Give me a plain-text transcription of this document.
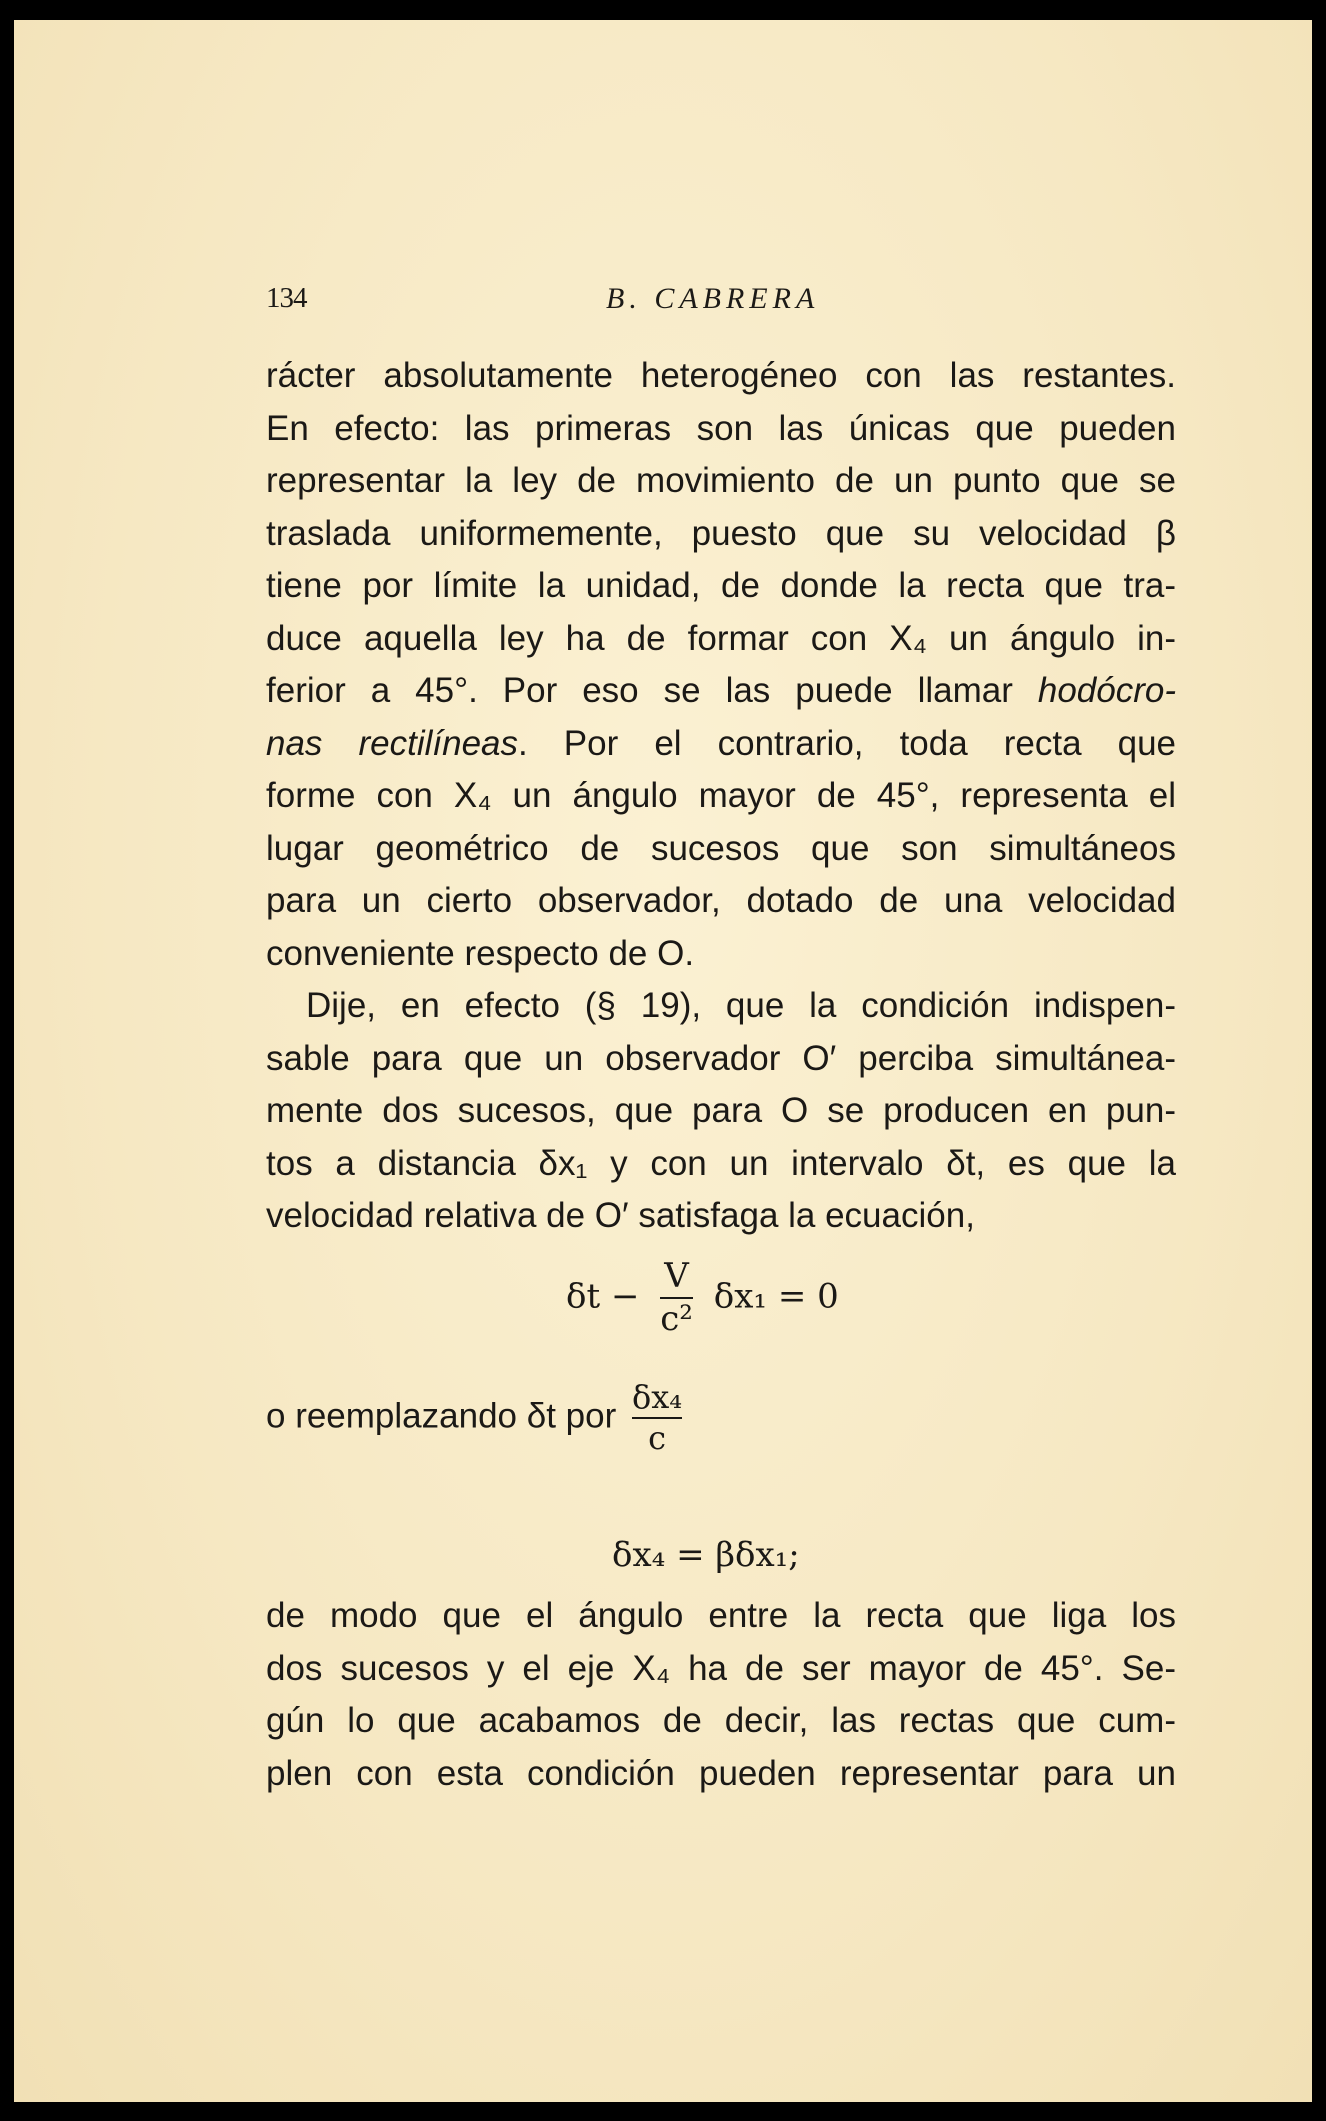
134	B. CABRERA

rácter absolutamente heterogéneo con las restantes.
En efecto: las primeras son las únicas que pueden
representar la ley de movimiento de un punto que se
traslada uniformemente, puesto que su velocidad β
tiene por límite la unidad, de donde la recta que tra-
duce aquella ley ha de formar con X₄ un ángulo in-
ferior a 45°. Por eso se las puede llamar hodócro-
nas rectilíneas. Por el contrario, toda recta que
forme con X₄ un ángulo mayor de 45°, representa el
lugar geométrico de sucesos que son simultáneos
para un cierto observador, dotado de una velocidad
conveniente respecto de O.

Dije, en efecto (§ 19), que la condición indispen-
sable para que un observador O′ perciba simultánea-
mente dos sucesos, que para O se producen en pun-
tos a distancia δx₁ y con un intervalo δt, es que la
velocidad relativa de O′ satisfaga la ecuación,

$\delta t - \frac{V}{\text{c²}} \delta x_1 = 0$
o reemplazando δt por $\frac{\text{δx₄}}{c}$
δx₄ = βδx₁;

de modo que el ángulo entre la recta que liga los
dos sucesos y el eje X₄ ha de ser mayor de 45°. Se-
gún lo que acabamos de decir, las rectas que cum-
plen con esta condición pueden representar para un
